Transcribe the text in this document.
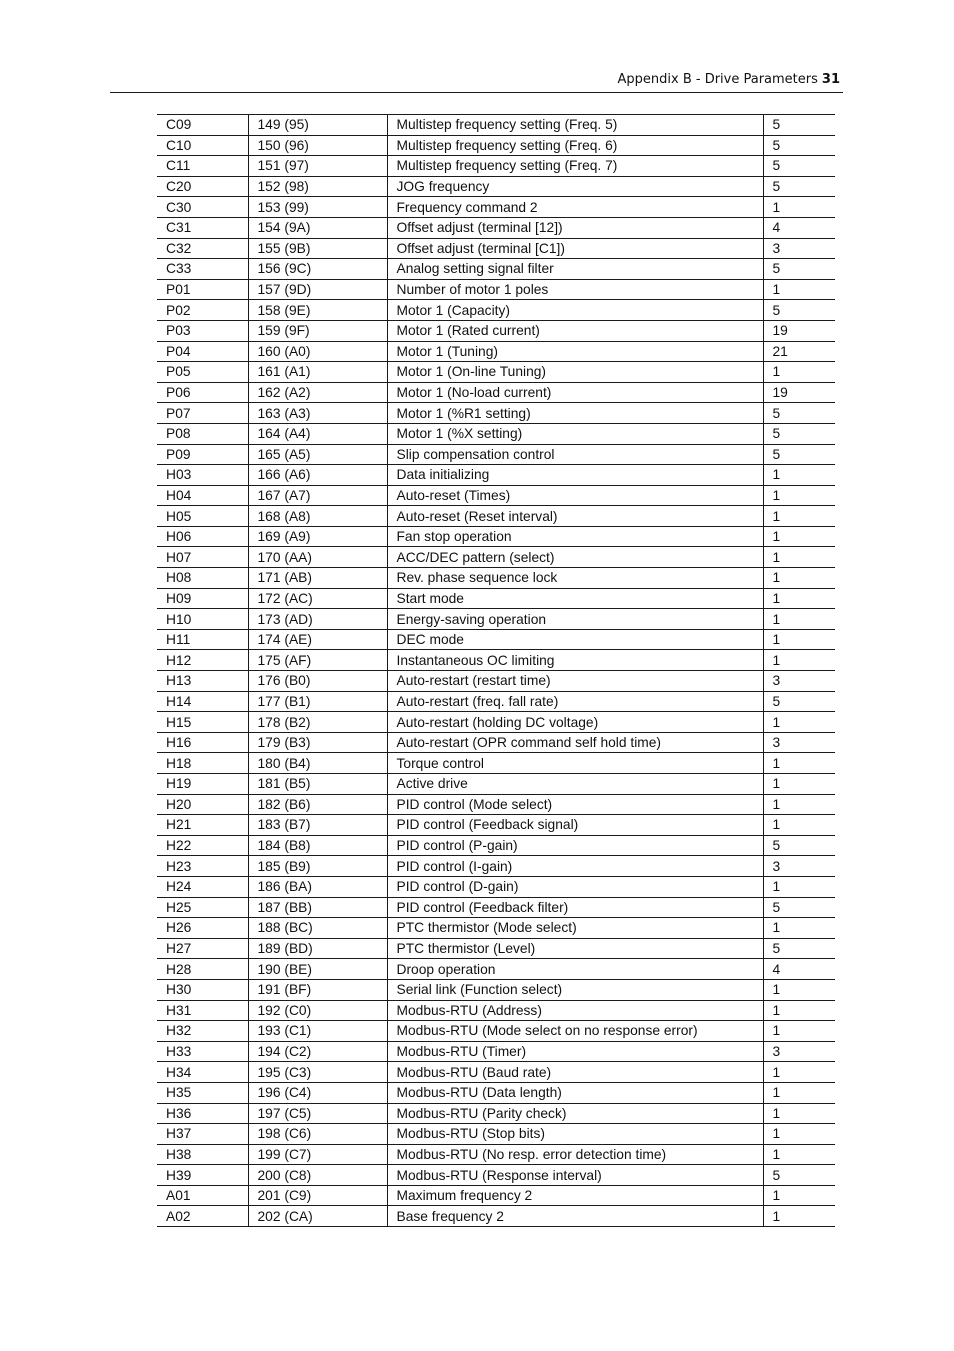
Appendix B - Drive Parameters 31
C09	149 (95)	Multistep frequency setting (Freq. 5)	5
C10	150 (96)	Multistep frequency setting (Freq. 6)	5
C11	151 (97)	Multistep frequency setting (Freq. 7)	5
C20	152 (98)	JOG frequency	5
C30	153 (99)	Frequency command 2	1
C31	154 (9A)	Offset adjust (terminal [12])	4
C32	155 (9B)	Offset adjust (terminal [C1])	3
C33	156 (9C)	Analog setting signal filter	5
P01	157 (9D)	Number of motor 1 poles	1
P02	158 (9E)	Motor 1 (Capacity)	5
P03	159 (9F)	Motor 1 (Rated current)	19
P04	160 (A0)	Motor 1 (Tuning)	21
P05	161 (A1)	Motor 1 (On-line Tuning)	1
P06	162 (A2)	Motor 1 (No-load current)	19
P07	163 (A3)	Motor 1 (%R1 setting)	5
P08	164 (A4)	Motor 1 (%X setting)	5
P09	165 (A5)	Slip compensation control	5
H03	166 (A6)	Data initializing	1
H04	167 (A7)	Auto-reset (Times)	1
H05	168 (A8)	Auto-reset (Reset interval)	1
H06	169 (A9)	Fan stop operation	1
H07	170 (AA)	ACC/DEC pattern (select)	1
H08	171 (AB)	Rev. phase sequence lock	1
H09	172 (AC)	Start mode	1
H10	173 (AD)	Energy-saving operation	1
H11	174 (AE)	DEC mode	1
H12	175 (AF)	Instantaneous OC limiting	1
H13	176 (B0)	Auto-restart (restart time)	3
H14	177 (B1)	Auto-restart (freq. fall rate)	5
H15	178 (B2)	Auto-restart (holding DC voltage)	1
H16	179 (B3)	Auto-restart (OPR command self hold time)	3
H18	180 (B4)	Torque control	1
H19	181 (B5)	Active drive	1
H20	182 (B6)	PID control (Mode select)	1
H21	183 (B7)	PID control (Feedback signal)	1
H22	184 (B8)	PID control (P-gain)	5
H23	185 (B9)	PID control (I-gain)	3
H24	186 (BA)	PID control (D-gain)	1
H25	187 (BB)	PID control (Feedback filter)	5
H26	188 (BC)	PTC thermistor (Mode select)	1
H27	189 (BD)	PTC thermistor (Level)	5
H28	190 (BE)	Droop operation	4
H30	191 (BF)	Serial link (Function select)	1
H31	192 (C0)	Modbus-RTU (Address)	1
H32	193 (C1)	Modbus-RTU (Mode select on no response error)	1
H33	194 (C2)	Modbus-RTU (Timer)	3
H34	195 (C3)	Modbus-RTU (Baud rate)	1
H35	196 (C4)	Modbus-RTU (Data length)	1
H36	197 (C5)	Modbus-RTU (Parity check)	1
H37	198 (C6)	Modbus-RTU (Stop bits)	1
H38	199 (C7)	Modbus-RTU (No resp. error detection time)	1
H39	200 (C8)	Modbus-RTU (Response interval)	5
A01	201 (C9)	Maximum frequency 2	1
A02	202 (CA)	Base frequency 2	1
